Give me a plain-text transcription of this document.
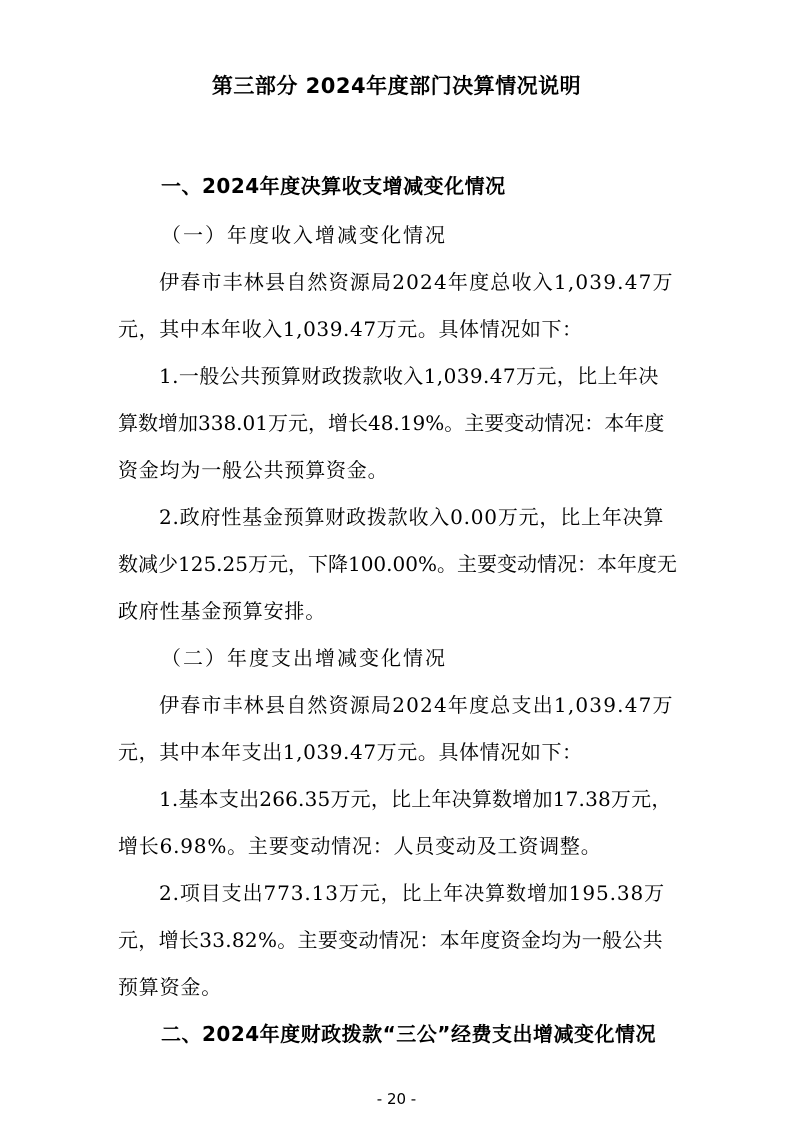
第三部分 2024年度部门决算情况说明
一、2024年度决算收支增减变化情况
（一）年度收入增减变化情况
伊春市丰林县自然资源局2024年度总收入1,039.47万
元，其中本年收入1,039.47万元。具体情况如下：
1.一般公共预算财政拨款收入1,039.47万元，比上年决
算数增加338.01万元，增长48.19%。主要变动情况：本年度
资金均为一般公共预算资金。
2.政府性基金预算财政拨款收入0.00万元，比上年决算
数减少125.25万元，下降100.00%。主要变动情况：本年度无
政府性基金预算安排。
（二）年度支出增减变化情况
伊春市丰林县自然资源局2024年度总支出1,039.47万
元，其中本年支出1,039.47万元。具体情况如下：
1.基本支出266.35万元，比上年决算数增加17.38万元，
增长6.98%。主要变动情况：人员变动及工资调整。
2.项目支出773.13万元，比上年决算数增加195.38万
元，增长33.82%。主要变动情况：本年度资金均为一般公共
预算资金。
二、2024年度财政拨款“三公”经费支出增减变化情况
- 20 -
